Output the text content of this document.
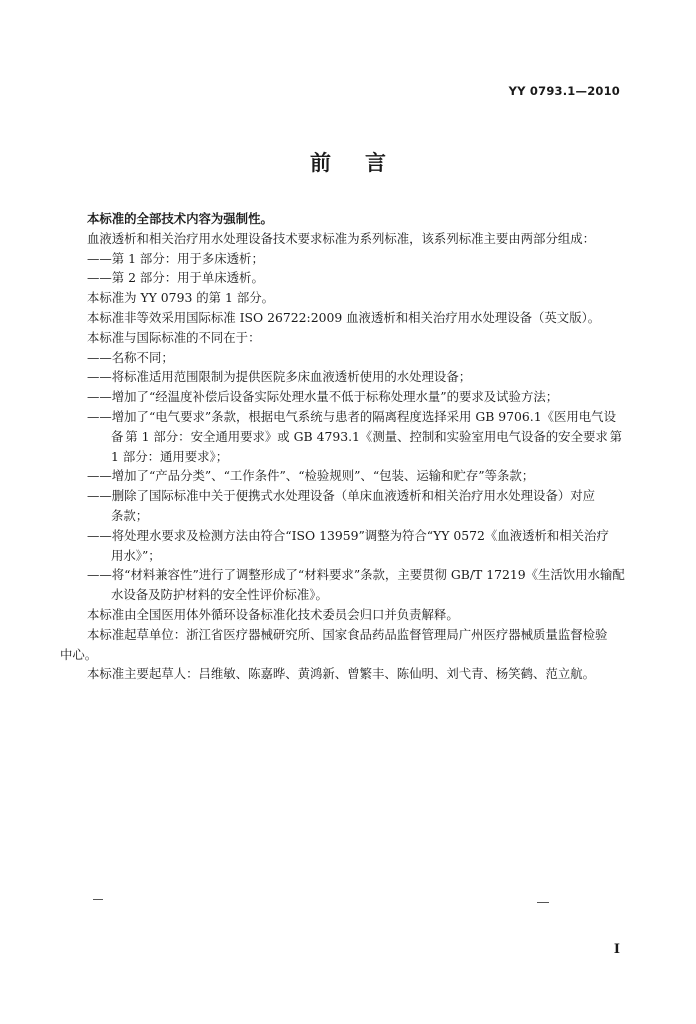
YY 0793.1—2010
前言
本标准的全部技术内容为强制性。
血液透析和相关治疗用水处理设备技术要求标准为系列标准，该系列标准主要由两部分组成：
——第 1 部分：用于多床透析；
——第 2 部分：用于单床透析。
本标准为 YY 0793 的第 1 部分。
本标准非等效采用国际标准 ISO 26722:2009 血液透析和相关治疗用水处理设备（英文版）。
本标准与国际标准的不同在于：
——名称不同；
——将标准适用范围限制为提供医院多床血液透析使用的水处理设备；
——增加了“经温度补偿后设备实际处理水量不低于标称处理水量”的要求及试验方法；
——增加了“电气要求”条款，根据电气系统与患者的隔离程度选择采用 GB 9706.1《医用电气设
备 第 1 部分：安全通用要求》或 GB 4793.1《测量、控制和实验室用电气设备的安全要求 第
1 部分：通用要求》；
——增加了“产品分类”、“工作条件”、“检验规则”、“包装、运输和贮存”等条款；
——删除了国际标准中关于便携式水处理设备（单床血液透析和相关治疗用水处理设备）对应
条款；
——将处理水要求及检测方法由符合“ISO 13959”调整为符合“YY 0572《血液透析和相关治疗
用水》”；
——将“材料兼容性”进行了调整形成了“材料要求”条款，主要贯彻 GB/T 17219《生活饮用水输配
水设备及防护材料的安全性评价标准》。
本标准由全国医用体外循环设备标准化技术委员会归口并负责解释。
本标准起草单位：浙江省医疗器械研究所、国家食品药品监督管理局广州医疗器械质量监督检验
中心。
本标准主要起草人：吕维敏、陈嘉晔、黄鸿新、曾繁丰、陈仙明、刘弋青、杨笑鹤、范立航。
I
